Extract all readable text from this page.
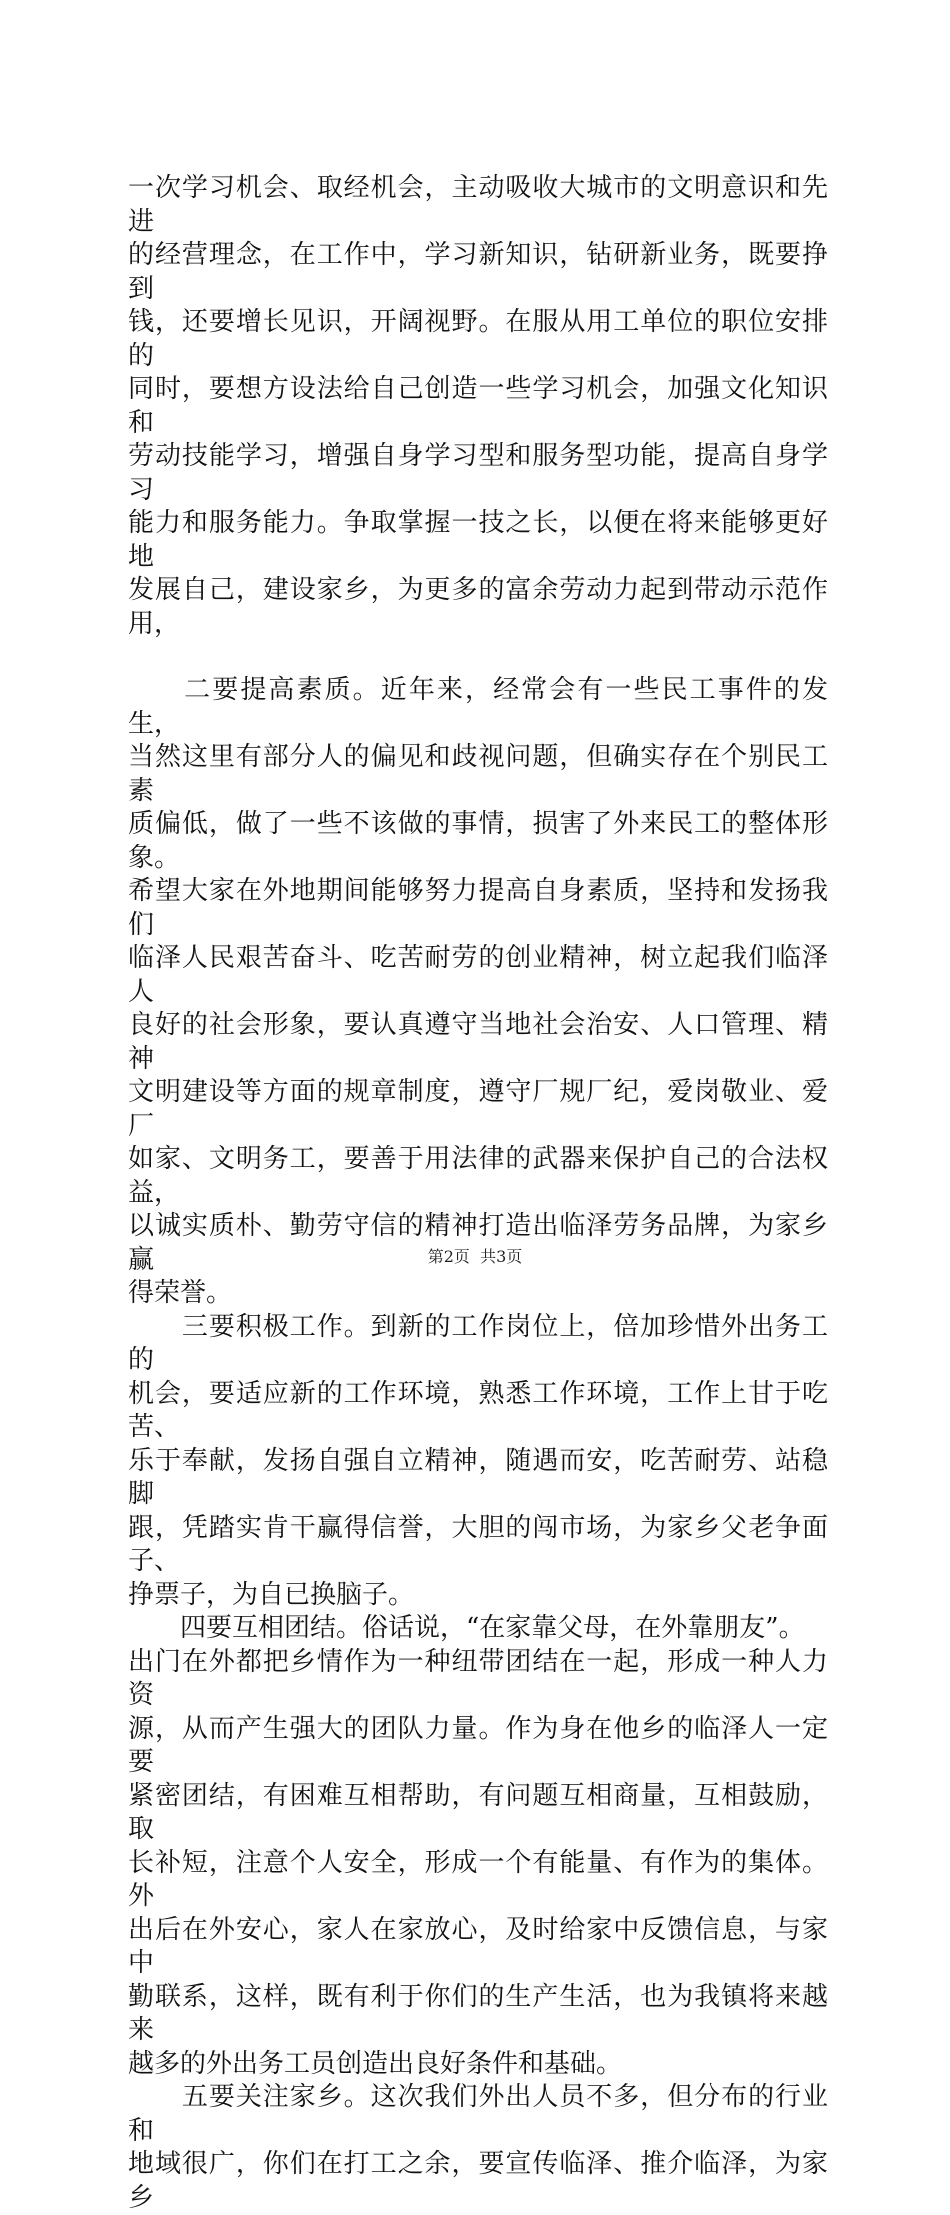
一次学习机会、取经机会，主动吸收大城市的文明意识和先进
的经营理念，在工作中，学习新知识，钻研新业务，既要挣到
钱，还要增长见识，开阔视野。在服从用工单位的职位安排的
同时，要想方设法给自己创造一些学习机会，加强文化知识和
劳动技能学习，增强自身学习型和服务型功能，提高自身学习
能力和服务能力。争取掌握一技之长，以便在将来能够更好地
发展自己，建设家乡，为更多的富余劳动力起到带动示范作用，
　　二要提高素质。近年来，经常会有一些民工事件的发生，
当然这里有部分人的偏见和歧视问题，但确实存在个别民工素
质偏低，做了一些不该做的事情，损害了外来民工的整体形象。
希望大家在外地期间能够努力提高自身素质，坚持和发扬我们
临泽人民艰苦奋斗、吃苦耐劳的创业精神，树立起我们临泽人
良好的社会形象，要认真遵守当地社会治安、人口管理、精神
文明建设等方面的规章制度，遵守厂规厂纪，爱岗敬业、爱厂
如家、文明务工，要善于用法律的武器来保护自己的合法权益，
以诚实质朴、勤劳守信的精神打造出临泽劳务品牌，为家乡赢
得荣誉。
　　三要积极工作。到新的工作岗位上，倍加珍惜外出务工的
机会，要适应新的工作环境，熟悉工作环境，工作上甘于吃苦、
乐于奉献，发扬自强自立精神，随遇而安，吃苦耐劳、站稳脚
跟，凭踏实肯干赢得信誉，大胆的闯市场，为家乡父老争面子、
挣票子，为自已换脑子。
　　四要互相团结。俗话说，“在家靠父母，在外靠朋友”。
出门在外都把乡情作为一种纽带团结在一起，形成一种人力资
源，从而产生强大的团队力量。作为身在他乡的临泽人一定要
紧密团结，有困难互相帮助，有问题互相商量，互相鼓励，取
长补短，注意个人安全，形成一个有能量、有作为的集体。外
出后在外安心，家人在家放心，及时给家中反馈信息，与家中
勤联系，这样，既有利于你们的生产生活，也为我镇将来越来
越多的外出务工员创造出良好条件和基础。
　　五要关注家乡。这次我们外出人员不多，但分布的行业和
地域很广，你们在打工之余，要宣传临泽、推介临泽，为家乡
第2页  共3页
